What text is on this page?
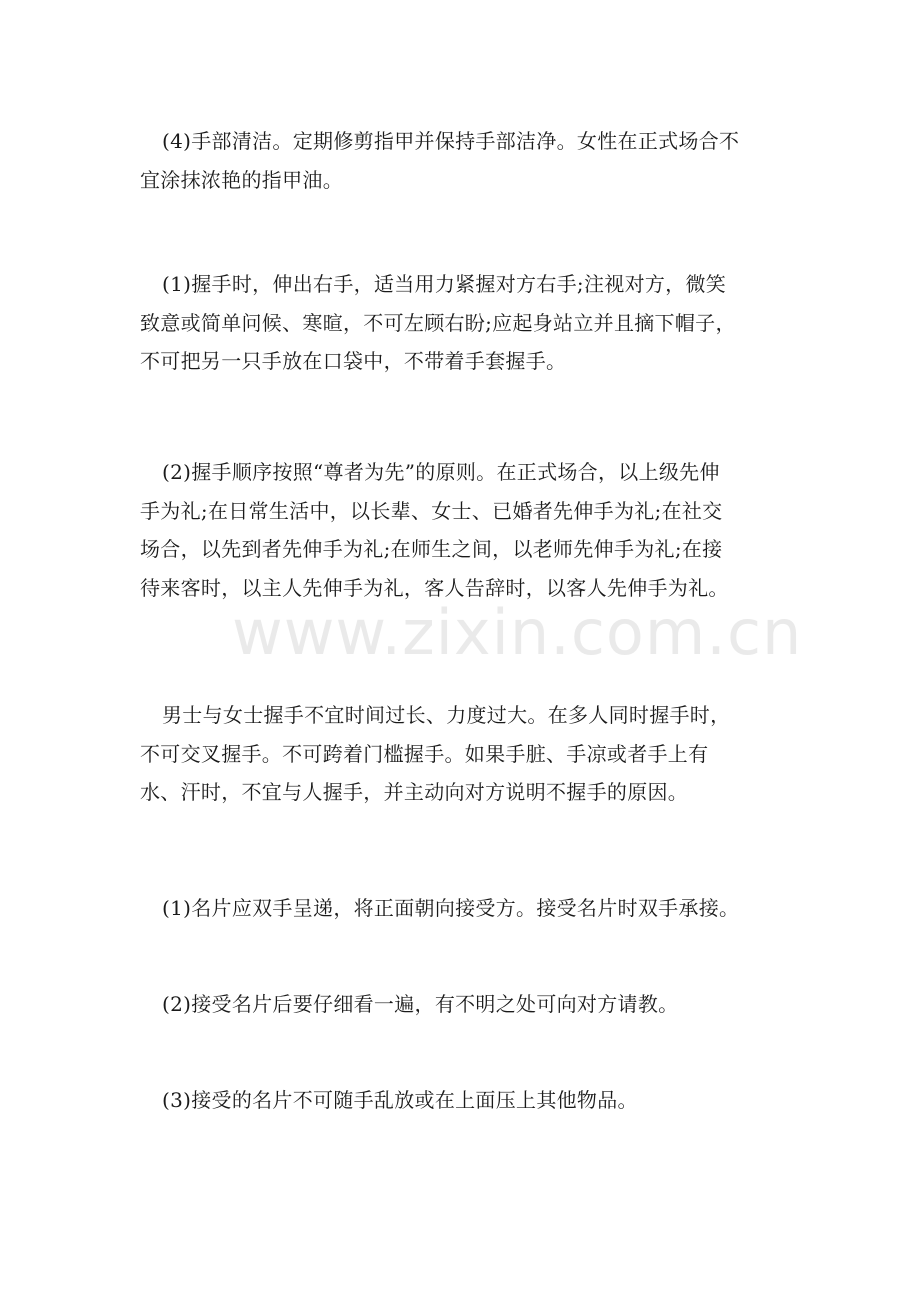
(4)手部清洁。定期修剪指甲并保持手部洁净。女性在正式场合不
宜涂抹浓艳的指甲油。

(1)握手时，伸出右手，适当用力紧握对方右手;注视对方，微笑
致意或简单问候、寒暄，不可左顾右盼;应起身站立并且摘下帽子，
不可把另一只手放在口袋中，不带着手套握手。

(2)握手顺序按照“尊者为先”的原则。在正式场合，以上级先伸
手为礼;在日常生活中，以长辈、女士、已婚者先伸手为礼;在社交
场合，以先到者先伸手为礼;在师生之间，以老师先伸手为礼;在接
待来客时，以主人先伸手为礼，客人告辞时，以客人先伸手为礼。

男士与女士握手不宜时间过长、力度过大。在多人同时握手时，
不可交叉握手。不可跨着门槛握手。如果手脏、手凉或者手上有
水、汗时，不宜与人握手，并主动向对方说明不握手的原因。

(1)名片应双手呈递，将正面朝向接受方。接受名片时双手承接。

(2)接受名片后要仔细看一遍，有不明之处可向对方请教。

(3)接受的名片不可随手乱放或在上面压上其他物品。

www.zixin.com.cn
